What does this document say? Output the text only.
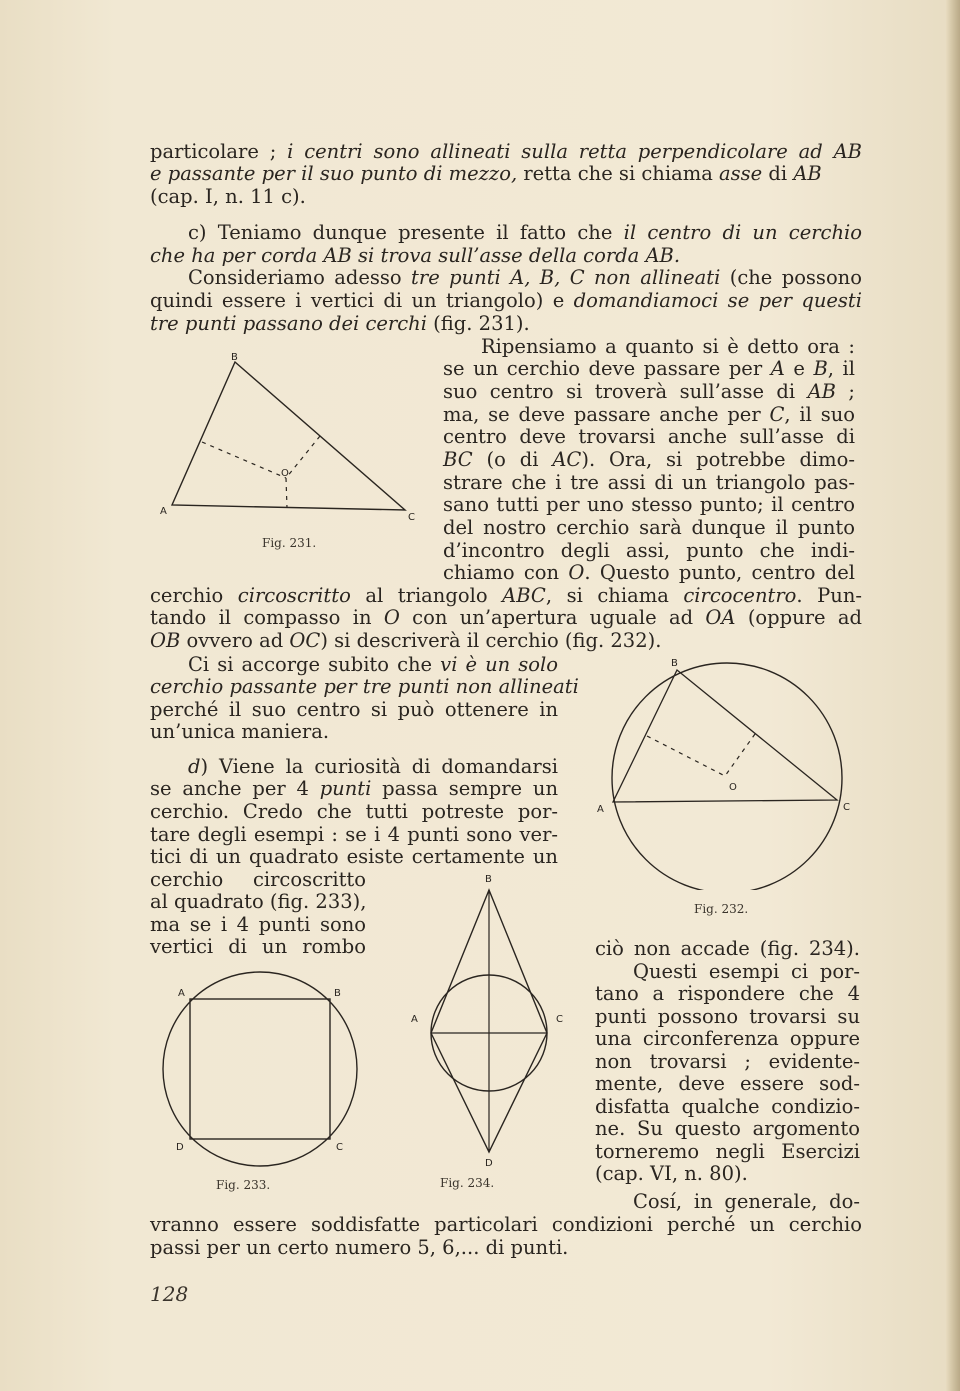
particolare ; i centri sono allineati sulla retta perpendicolare ad AB
e passante per il suo punto di mezzo, retta che si chiama asse di AB
(cap. I, n. 11 c).
c) Teniamo dunque presente il fatto che il centro di un cerchio
che ha per corda AB si trova sull’asse della corda AB.
Consideriamo adesso tre punti A, B, C non allineati (che possono
quindi essere i vertici di un triangolo) e domandiamoci se per questi
tre punti passano dei cerchi (fig. 231).
Ripensiamo a quanto si è detto ora :
se un cerchio deve passare per A e B, il
suo centro si troverà sull’asse di AB ;
ma, se deve passare anche per C, il suo
centro deve trovarsi anche sull’asse di
BC (o di AC). Ora, si potrebbe dimo-
strare che i tre assi di un triangolo pas-
sano tutti per uno stesso punto; il centro
del nostro cerchio sarà dunque il punto
d’incontro degli assi, punto che indi-
chiamo con O. Questo punto, centro del
cerchio circoscritto al triangolo ABC, si chiama circocentro. Pun-
tando il compasso in O con un’apertura uguale ad OA (oppure ad
OB ovvero ad OC) si descriverà il cerchio (fig. 232).
Ci si accorge subito che vi è un solo
cerchio passante per tre punti non allineati
perché il suo centro si può ottenere in
un’unica maniera.
d) Viene la curiosità di domandarsi
se anche per 4 punti passa sempre un
cerchio. Credo che tutti potreste por-
tare degli esempi : se i 4 punti sono ver-
tici di un quadrato esiste certamente un
cerchio circoscritto
al quadrato (fig. 233),
ma se i 4 punti sono
vertici di un rombo	ciò non accade (fig. 234).
Questi esempi ci por-
tano a rispondere che 4
punti possono trovarsi su
una circonferenza oppure
non trovarsi ; evidente-
mente, deve essere sod-
disfatta qualche condizio-
ne. Su questo argomento
torneremo negli Esercizi
(cap. VI, n. 80).
Cosí, in generale, do-
vranno essere soddisfatte particolari condizioni perché un cerchio
passi per un certo numero 5, 6,... di punti.
B
O
A
C
Fig. 231.
B
O
A	C
Fig. 232.
A	B
D	C
Fig. 233.
B
A	C
D
Fig. 234.
128
